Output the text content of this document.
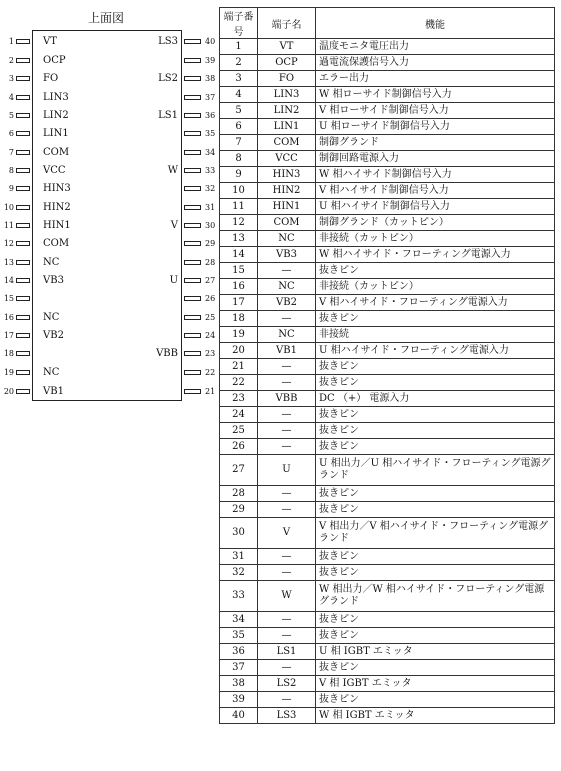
上面図
1	VT
2	OCP
3	FO
4	LIN3
5	LIN2
6	LIN1
7	COM
8	VCC
9	HIN3
10	HIN2
11	HIN1
12	COM
13	NC
14	VB3
15
16	NC
17	VB2
18
19	NC
20	VB1
40
LS3
39
38
LS2
37
36
LS1
35
34
33
W
32
31
30
V
29
28
27
U
26
25
24
23
VBB
22
21
端子番号	端子名	機能
1	VT	温度モニタ電圧出力
2	OCP	過電流保護信号入力
3	FO	エラー出力
4	LIN3	W 相ローサイド制御信号入力
5	LIN2	V 相ローサイド制御信号入力
6	LIN1	U 相ローサイド制御信号入力
7	COM	制御グランド
8	VCC	制御回路電源入力
9	HIN3	W 相ハイサイド制御信号入力
10	HIN2	V 相ハイサイド制御信号入力
11	HIN1	U 相ハイサイド制御信号入力
12	COM	制御グランド（カットピン）
13	NC	非接続（カットピン）
14	VB3	W 相ハイサイド・フローティング電源入力
15	—	抜きピン
16	NC	非接続（カットピン）
17	VB2	V 相ハイサイド・フローティング電源入力
18	—	抜きピン
19	NC	非接続
20	VB1	U 相ハイサイド・フローティング電源入力
21	—	抜きピン
22	—	抜きピン
23	VBB	DC （+） 電源入力
24	—	抜きピン
25	—	抜きピン
26	—	抜きピン
27	U	U 相出力／U 相ハイサイド・フローティング電源グランド
28	—	抜きピン
29	—	抜きピン
30	V	V 相出力／V 相ハイサイド・フローティング電源グランド
31	—	抜きピン
32	—	抜きピン
33	W	W 相出力／W 相ハイサイド・フローティング電源グランド
34	—	抜きピン
35	—	抜きピン
36	LS1	U 相 IGBT エミッタ
37	—	抜きピン
38	LS2	V 相 IGBT エミッタ
39	—	抜きピン
40	LS3	W 相 IGBT エミッタ
